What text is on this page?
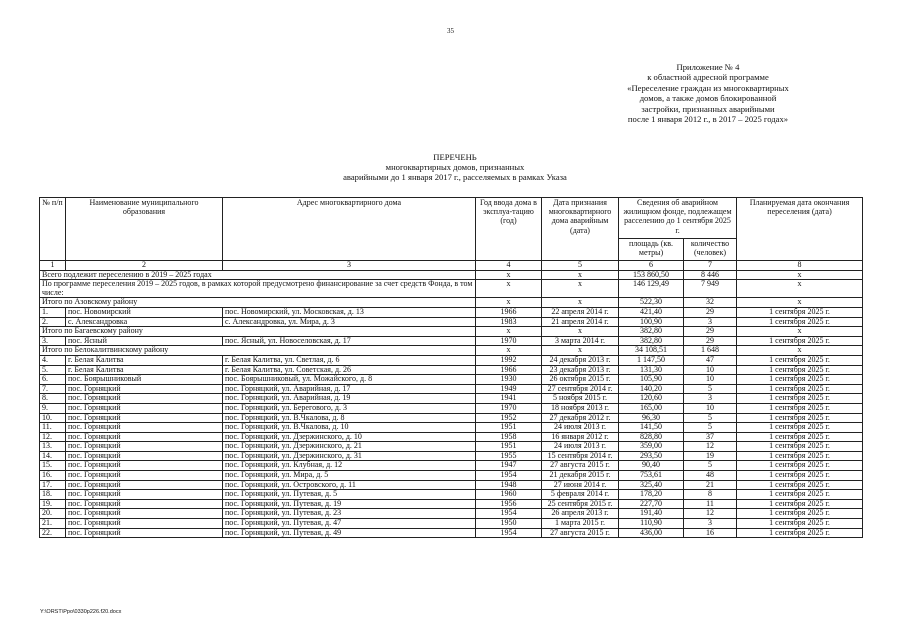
35
Приложение № 4
к областной адресной программе
«Переселение граждан из многоквартирных
домов, а также домов блокированной
застройки, признанных аварийными
после 1 января 2012 г., в 2017 – 2025 годах»
ПЕРЕЧЕНЬ
многоквартирных домов, признанных
аварийными до 1 января 2017 г., расселяемых в рамках Указа
№ п/п	Наименование муниципального образования	Адрес многоквартирного дома	Год ввода дома в эксплуа-тацию (год)	Дата признания многоквартирного дома аварийным (дата)	Сведения об аварийном жилищном фонде, подлежащем расселению до 1 сентября 2025 г.		Планируемая дата окончания переселения (дата)
					площадь (кв. метры)	количество (человек)	
1	2	3	4	5	6	7	8
Всего подлежит переселению в 2019 – 2025 годах			x	x	153 860,50	8 446	x
По программе переселения 2019 – 2025 годов, в рамках которой предусмотрено финансирование за счет средств Фонда, в том числе:			x	x	146 129,49	7 949	x
Итого по Азовскому району			x	x	522,30	32	x
1.	пос. Новомирский	пос. Новомирский, ул. Московская, д. 13	1966	22 апреля 2014 г.	421,40	29	1 сентября 2025 г.
2.	с. Александровка	с. Александровка, ул. Мира, д. 3	1983	21 апреля 2014 г.	100,90	3	1 сентября 2025 г.
Итого по Багаевскому району			x	x	382,80	29	x
3.	пос. Ясный	пос. Ясный, ул. Новоселовская, д. 17	1970	3 марта 2014 г.	382,80	29	1 сентября 2025 г.
Итого по Белокалитвинскому району			x	x	34 108,51	1 648	x
4.	г. Белая Калитва	г. Белая Калитва, ул. Светлая, д. 6	1992	24 декабря 2013 г.	1 147,50	47	1 сентября 2025 г.
5.	г. Белая Калитва	г. Белая Калитва, ул. Советская, д. 26	1966	23 декабря 2013 г.	131,30	10	1 сентября 2025 г.
6.	пос. Боярышниковый	пос. Боярышниковый, ул. Можайского, д. 8	1930	26 октября 2015 г.	105,90	10	1 сентября 2025 г.
7.	пос. Горняцкий	пос. Горняцкий, ул. Аварийная, д. 17	1949	27 сентября 2014 г.	140,20	5	1 сентября 2025 г.
8.	пос. Горняцкий	пос. Горняцкий, ул. Аварийная, д. 19	1941	5 ноября 2015 г.	120,60	3	1 сентября 2025 г.
9.	пос. Горняцкий	пос. Горняцкий, ул. Берегового, д. 3	1970	18 ноября 2013 г.	165,00	10	1 сентября 2025 г.
10.	пос. Горняцкий	пос. Горняцкий, ул. В.Чкалова, д. 8	1952	27 декабря 2012 г.	96,30	5	1 сентября 2025 г.
11.	пос. Горняцкий	пос. Горняцкий, ул. В.Чкалова, д. 10	1951	24 июля 2013 г.	141,50	5	1 сентября 2025 г.
12.	пос. Горняцкий	пос. Горняцкий, ул. Дзержинского, д. 10	1958	16 января 2012 г.	828,80	37	1 сентября 2025 г.
13.	пос. Горняцкий	пос. Горняцкий, ул. Дзержинского, д. 21	1951	24 июля 2013 г.	359,00	12	1 сентября 2025 г.
14.	пос. Горняцкий	пос. Горняцкий, ул. Дзержинского, д. 31	1955	15 сентября 2014 г.	293,50	19	1 сентября 2025 г.
15.	пос. Горняцкий	пос. Горняцкий, ул. Клубная, д. 12	1947	27 августа 2015 г.	90,40	5	1 сентября 2025 г.
16.	пос. Горняцкий	пос. Горняцкий, ул. Мира, д. 5	1954	21 декабря 2015 г.	753,61	48	1 сентября 2025 г.
17.	пос. Горняцкий	пос. Горняцкий, ул. Островского, д. 11	1948	27 июня 2014 г.	325,40	21	1 сентября 2025 г.
18.	пос. Горняцкий	пос. Горняцкий, ул. Путевая, д. 5	1960	5 февраля 2014 г.	178,20	8	1 сентября 2025 г.
19.	пос. Горняцкий	пос. Горняцкий, ул. Путевая, д. 19	1956	25 сентября 2015 г.	227,70	11	1 сентября 2025 г.
20.	пос. Горняцкий	пос. Горняцкий, ул. Путевая, д. 23	1954	26 апреля 2013 г.	191,40	12	1 сентября 2025 г.
21.	пос. Горняцкий	пос. Горняцкий, ул. Путевая, д. 47	1950	1 марта 2015 г.	110,90	3	1 сентября 2025 г.
22.	пос. Горняцкий	пос. Горняцкий, ул. Путевая, д. 49	1954	27 августа 2015 г.	436,00	16	1 сентября 2025 г.
Y:\ORST\Ppo\0330p226.f20.docx
